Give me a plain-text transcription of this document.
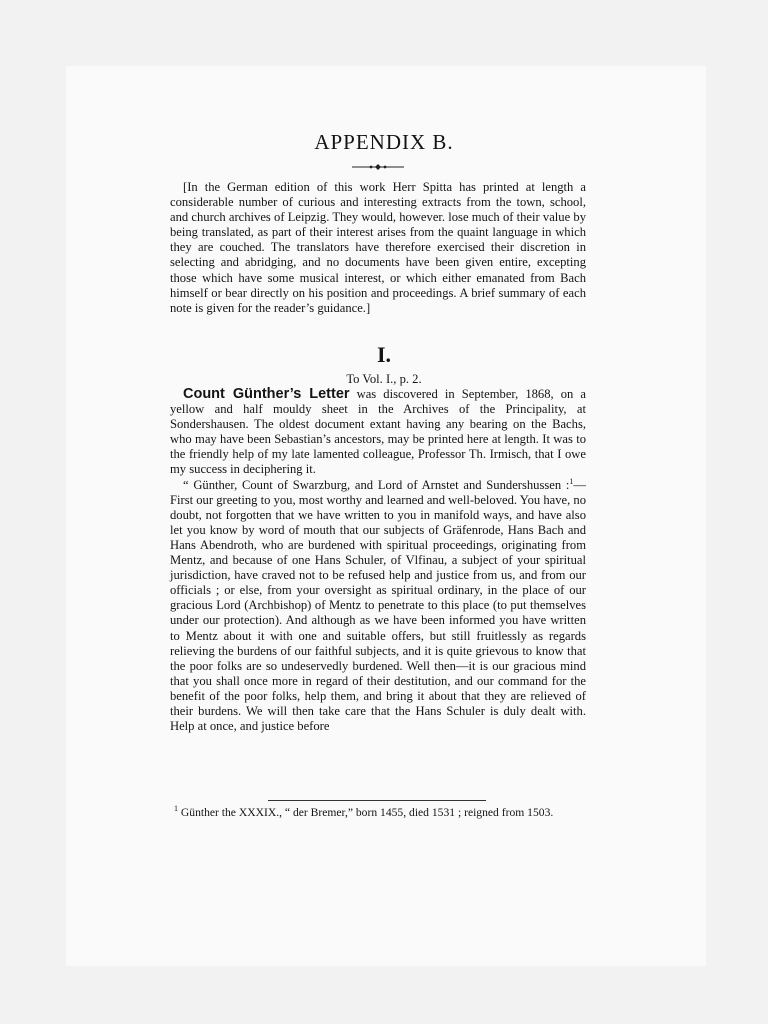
APPENDIX B.

[In the German edition of this work Herr Spitta has printed at length a considerable number of curious and interesting extracts from the town, school, and church archives of Leipzig. They would, however. lose much of their value by being translated, as part of their interest arises from the quaint language in which they are couched. The translators have therefore exercised their discretion in selecting and abridging, and no documents have been given entire, excepting those which have some musical interest, or which either emanated from Bach himself or bear directly on his position and proceedings. A brief summary of each note is given for the reader’s guidance.]

I.
To Vol. I., p. 2.

Count Günther’s Letter was discovered in September, 1868, on a yellow and half mouldy sheet in the Archives of the Principality, at Sondershausen. The oldest document extant having any bearing on the Bachs, who may have been Sebastian’s ancestors, may be printed here at length. It was to the friendly help of my late lamented colleague, Professor Th. Irmisch, that I owe my success in deciphering it.

“ Günther, Count of Swarzburg, and Lord of Arnstet and Sundershussen :$^1$—First our greeting to you, most worthy and learned and well-beloved. You have, no doubt, not forgotten that we have written to you in manifold ways, and have also let you know by word of mouth that our subjects of Gräfenrode, Hans Bach and Hans Abendroth, who are burdened with spiritual proceedings, originating from Mentz, and because of one Hans Schuler, of Vlfinau, a subject of your spiritual jurisdiction, have craved not to be refused help and justice from us, and from our officials ; or else, from your oversight as spiritual ordinary, in the place of our gracious Lord (Archbishop) of Mentz to penetrate to this place (to put themselves under our protection). And although as we have been informed you have written to Mentz about it with one and suitable offers, but still fruitlessly as regards relieving the burdens of our faithful subjects, and it is quite grievous to know that the poor folks are so undeservedly burdened. Well then—it is our gracious mind that you shall once more in regard of their destitution, and our command for the benefit of the poor folks, help them, and bring it about that they are relieved of their burdens. We will then take care that the Hans Schuler is duly dealt with. Help at once, and justice before

$^1$ Günther the XXXIX., “ der Bremer,” born 1455, died 1531 ; reigned from 1503.
